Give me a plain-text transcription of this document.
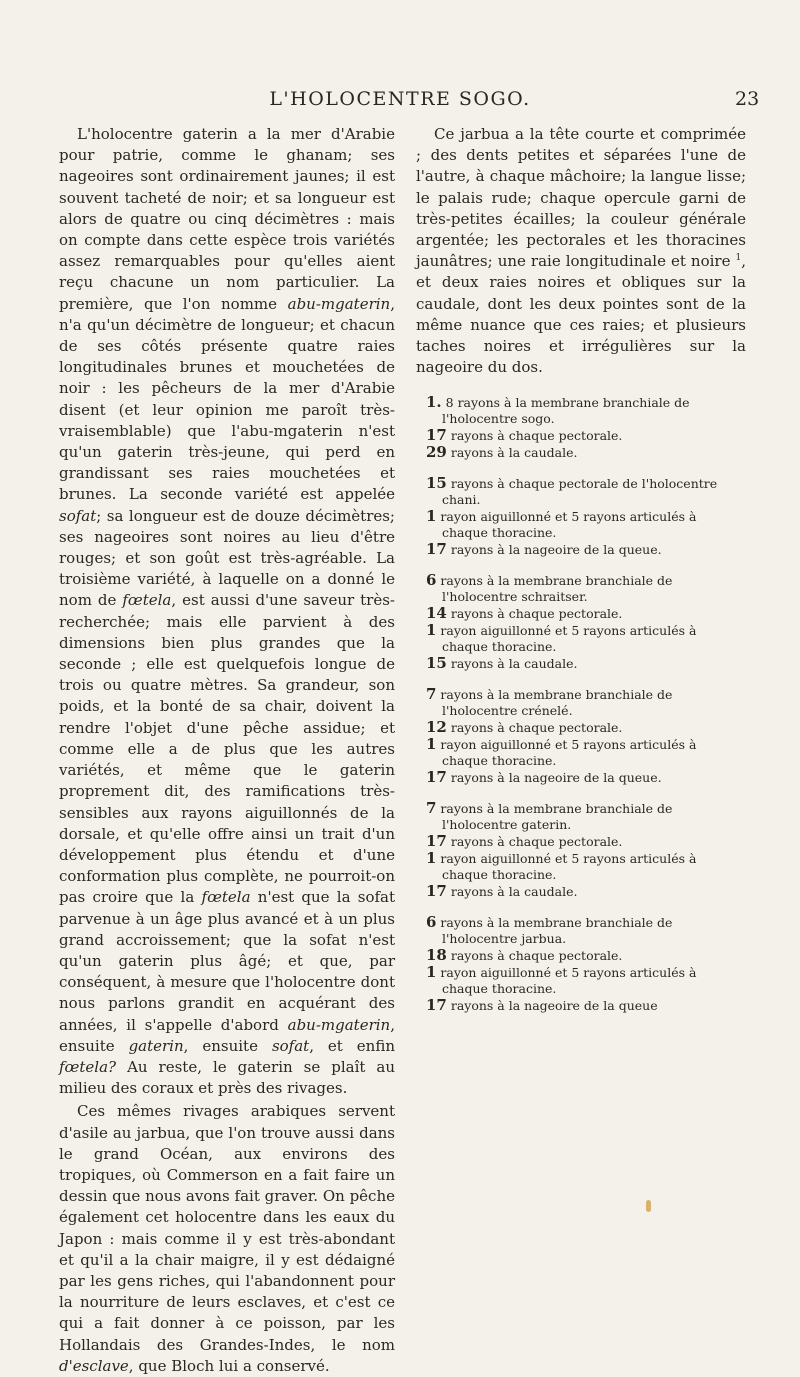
L'HOLOCENTRE SOGO.	23

L'holocentre gaterin a la mer d'Arabie pour patrie, comme le ghanam; ses nageoires sont ordinairement jaunes; il est souvent tacheté de noir; et sa longueur est alors de quatre ou cinq décimètres : mais on compte dans cette espèce trois variétés assez remarquables pour qu'elles aient reçu chacune un nom particulier. La première, que l'on nomme abu-mgaterin, n'a qu'un décimètre de longueur; et chacun de ses côtés présente quatre raies longitudinales brunes et mouchetées de noir : les pêcheurs de la mer d'Arabie disent (et leur opinion me paroît très-vraisemblable) que l'abu-mgaterin n'est qu'un gaterin très-jeune, qui perd en grandissant ses raies mouchetées et brunes. La seconde variété est appelée sofat; sa longueur est de douze décimètres; ses nageoires sont noires au lieu d'être rouges; et son goût est très-agréable. La troisième variété, à laquelle on a donné le nom de fœtela, est aussi d'une saveur très-recherchée; mais elle parvient à des dimensions bien plus grandes que la seconde ; elle est quelquefois longue de trois ou quatre mètres. Sa grandeur, son poids, et la bonté de sa chair, doivent la rendre l'objet d'une pêche assidue; et comme elle a de plus que les autres variétés, et même que le gaterin proprement dit, des ramifications très-sensibles aux rayons aiguillonnés de la dorsale, et qu'elle offre ainsi un trait d'un développement plus étendu et d'une conformation plus complète, ne pourroit-on pas croire que la fœtela n'est que la sofat parvenue à un âge plus avancé et à un plus grand accroissement; que la sofat n'est qu'un gaterin plus âgé; et que, par conséquent, à mesure que l'holocentre dont nous parlons grandit en acquérant des années, il s'appelle d'abord abu-mgaterin, ensuite gaterin, ensuite sofat, et enfin fœtela? Au reste, le gaterin se plaît au milieu des coraux et près des rivages.

Ces mêmes rivages arabiques servent d'asile au jarbua, que l'on trouve aussi dans le grand Océan, aux environs des tropiques, où Commerson en a fait faire un dessin que nous avons fait graver. On pêche également cet holocentre dans les eaux du Japon : mais comme il y est très-abondant et qu'il a la chair maigre, il y est dédaigné par les gens riches, qui l'abandonnent pour la nourriture de leurs esclaves, et c'est ce qui a fait donner à ce poisson, par les Hollandais des Grandes-Indes, le nom d'esclave, que Bloch lui a conservé.

Ce jarbua a la tête courte et comprimée ; des dents petites et séparées l'une de l'autre, à chaque mâchoire; la langue lisse; le palais rude; chaque opercule garni de très-petites écailles; la couleur générale argentée; les pectorales et les thoracines jaunâtres; une raie longitudinale et noire $^1$, et deux raies noires et obliques sur la caudale, dont les deux pointes sont de la même nuance que ces raies; et plusieurs taches noires et irrégulières sur la nageoire du dos.

1. 8 rayons à la membrane branchiale de l'holocentre sogo.
17 rayons à chaque pectorale.
29 rayons à la caudale.
15 rayons à chaque pectorale de l'holocentre chani.
1 rayon aiguillonné et 5 rayons articulés à chaque thoracine.
17 rayons à la nageoire de la queue.
6 rayons à la membrane branchiale de l'holocentre schraitser.
14 rayons à chaque pectorale.
1 rayon aiguillonné et 5 rayons articulés à chaque thoracine.
15 rayons à la caudale.
7 rayons à la membrane branchiale de l'holocentre crénelé.
12 rayons à chaque pectorale.
1 rayon aiguillonné et 5 rayons articulés à chaque thoracine.
17 rayons à la nageoire de la queue.
7 rayons à la membrane branchiale de l'holocentre gaterin.
17 rayons à chaque pectorale.
1 rayon aiguillonné et 5 rayons articulés à chaque thoracine.
17 rayons à la caudale.
6 rayons à la membrane branchiale de l'holocentre jarbua.
18 rayons à chaque pectorale.
1 rayon aiguillonné et 5 rayons articulés à chaque thoracine.
17 rayons à la nageoire de la queue
